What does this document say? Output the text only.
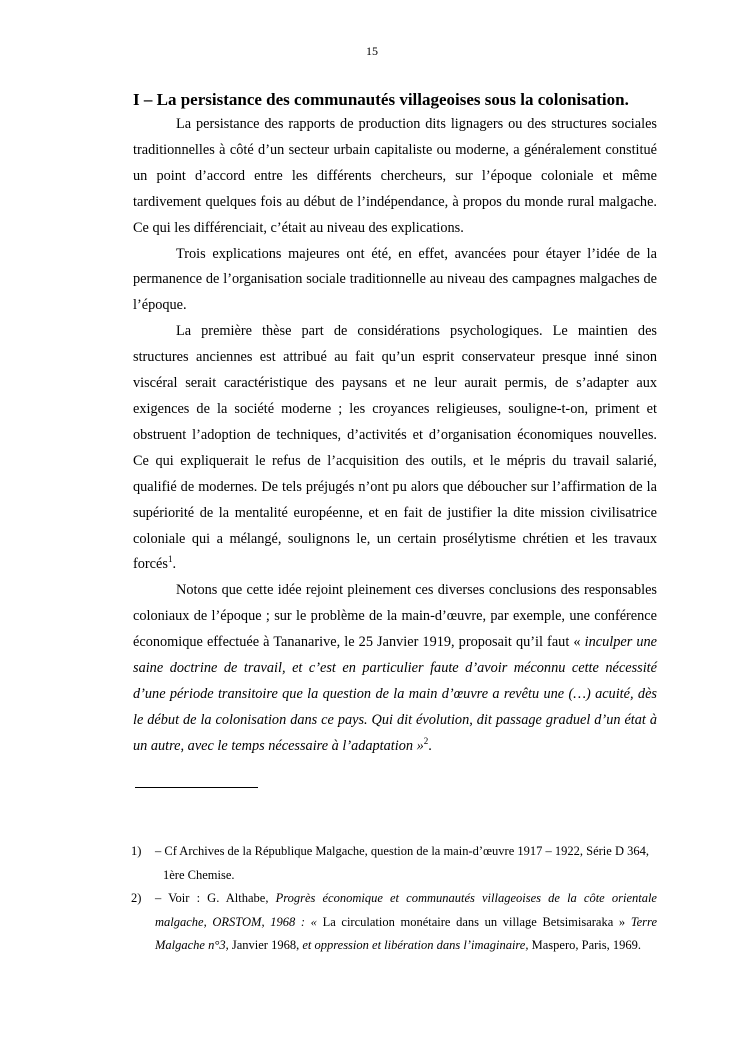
15
I – La persistance des communautés villageoises sous la colonisation.

La persistance des rapports de production dits lignagers ou des structures sociales traditionnelles à côté d’un secteur urbain capitaliste ou moderne, a généralement constitué un point d’accord entre les différents chercheurs, sur l’époque coloniale et même tardivement quelques fois au début de l’indépendance, à propos du monde rural malgache. Ce qui les différenciait, c’était au niveau des explications.

Trois explications majeures ont été, en effet, avancées pour étayer l’idée de la permanence de l’organisation sociale traditionnelle au niveau des campagnes malgaches de l’époque.

La première thèse part de considérations psychologiques. Le maintien des structures anciennes est attribué au fait qu’un esprit conservateur presque inné sinon viscéral serait caractéristique des paysans et ne leur aurait permis, de s’adapter aux exigences de la société moderne ; les croyances religieuses, souligne-t-on, priment et obstruent l’adoption de techniques, d’activités et d’organisation économiques nouvelles. Ce qui expliquerait le refus de l’acquisition des outils, et le mépris du travail salarié, qualifié de modernes. De tels préjugés n’ont pu alors que déboucher sur l’affirmation de la supériorité de la mentalité européenne, et en fait de justifier la dite mission civilisatrice coloniale qui a mélangé, soulignons le, un certain prosélytisme chrétien et les travaux forcés$^1$.

Notons que cette idée rejoint pleinement ces diverses conclusions des responsables coloniaux de l’époque ; sur le problème de la main-d’œuvre, par exemple, une conférence économique effectuée à Tananarive, le 25 Janvier 1919, proposait qu’il faut « inculper une saine doctrine de travail, et c’est en particulier faute d’avoir méconnu cette nécessité d’une période transitoire que la question de la main d’œuvre a revêtu une (…) acuité, dès le début de la colonisation dans ce pays. Qui dit évolution, dit passage graduel d’un état à un autre, avec le temps nécessaire à l’adaptation »$^2$.

1) – Cf Archives de la République Malgache, question de la main-d’œuvre 1917 – 1922, Série D 364,
1ère Chemise.
2) – Voir : G. Althabe, Progrès économique et communautés villageoises de la côte orientale malgache, ORSTOM, 1968 : « La circulation monétaire dans un village Betsimisaraka » Terre Malgache n°3, Janvier 1968, et oppression et libération dans l’imaginaire, Maspero, Paris, 1969.
